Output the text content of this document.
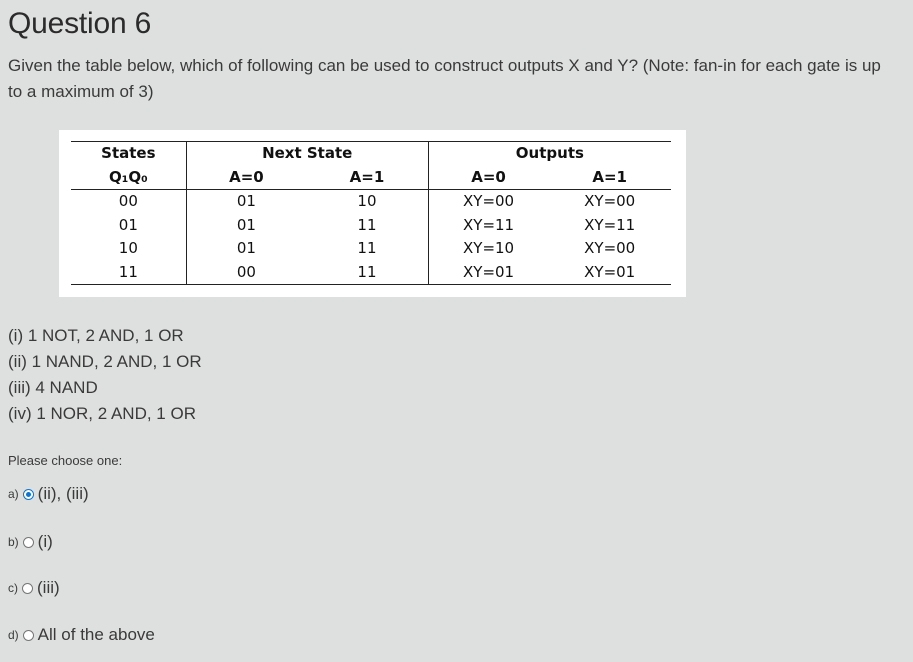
Question 6
Given the table below, which of following can be used to construct outputs X and Y? (Note: fan-in for each gate is up to a maximum of 3)
States	Next State		Outputs	
Q₁Q₀	A=0	A=1	A=0	A=1
00	01	10	XY=00	XY=00
01	01	11	XY=11	XY=11
10	01	11	XY=10	XY=00
11	00	11	XY=01	XY=01
(i) 1 NOT, 2 AND, 1 OR
(ii) 1 NAND, 2 AND, 1 OR
(iii) 4 NAND
(iv) 1 NOR, 2 AND, 1 OR

Please choose one:

a) (ii), (iii)
b) (i)
c) (iii)
d) All of the above
